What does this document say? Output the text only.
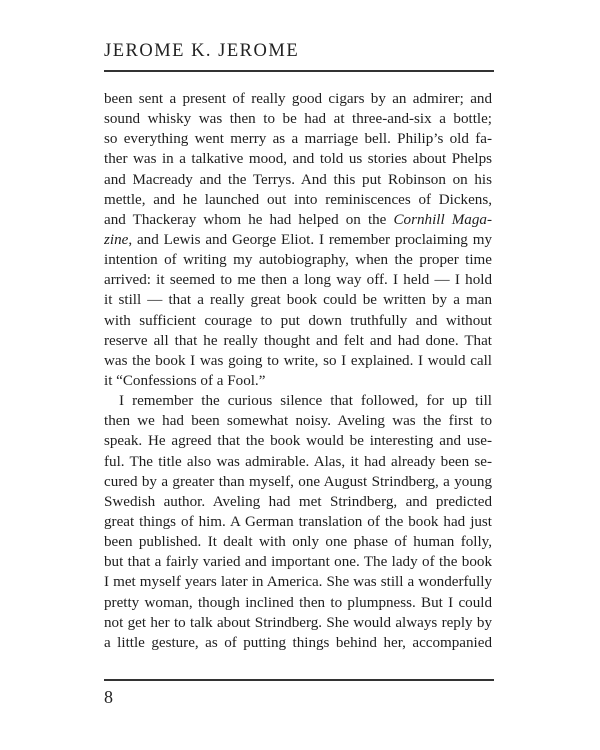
JEROME K. JEROME
been sent a present of really good cigars by an admirer; and
sound whisky was then to be had at three-and-six a bottle;
so everything went merry as a marriage bell. Philip’s old fa-
ther was in a talkative mood, and told us stories about Phelps
and Macready and the Terrys. And this put Robinson on his
mettle, and he launched out into reminiscences of Dickens,
and Thackeray whom he had helped on the Cornhill Maga-
zine, and Lewis and George Eliot. I remember proclaiming my
intention of writing my autobiography, when the proper time
arrived: it seemed to me then a long way off. I held — I hold
it still — that a really great book could be written by a man
with sufficient courage to put down truthfully and without
reserve all that he really thought and felt and had done. That
was the book I was going to write, so I explained. I would call
it “Confessions of a Fool.”
I remember the curious silence that followed, for up till
then we had been somewhat noisy. Aveling was the first to
speak. He agreed that the book would be interesting and use-
ful. The title also was admirable. Alas, it had already been se-
cured by a greater than myself, one August Strindberg, a young
Swedish author. Aveling had met Strindberg, and predicted
great things of him. A German translation of the book had just
been published. It dealt with only one phase of human folly,
but that a fairly varied and important one. The lady of the book
I met myself years later in America. She was still a wonderfully
pretty woman, though inclined then to plumpness. But I could
not get her to talk about Strindberg. She would always reply by
a little gesture, as of putting things behind her, accompanied
8
